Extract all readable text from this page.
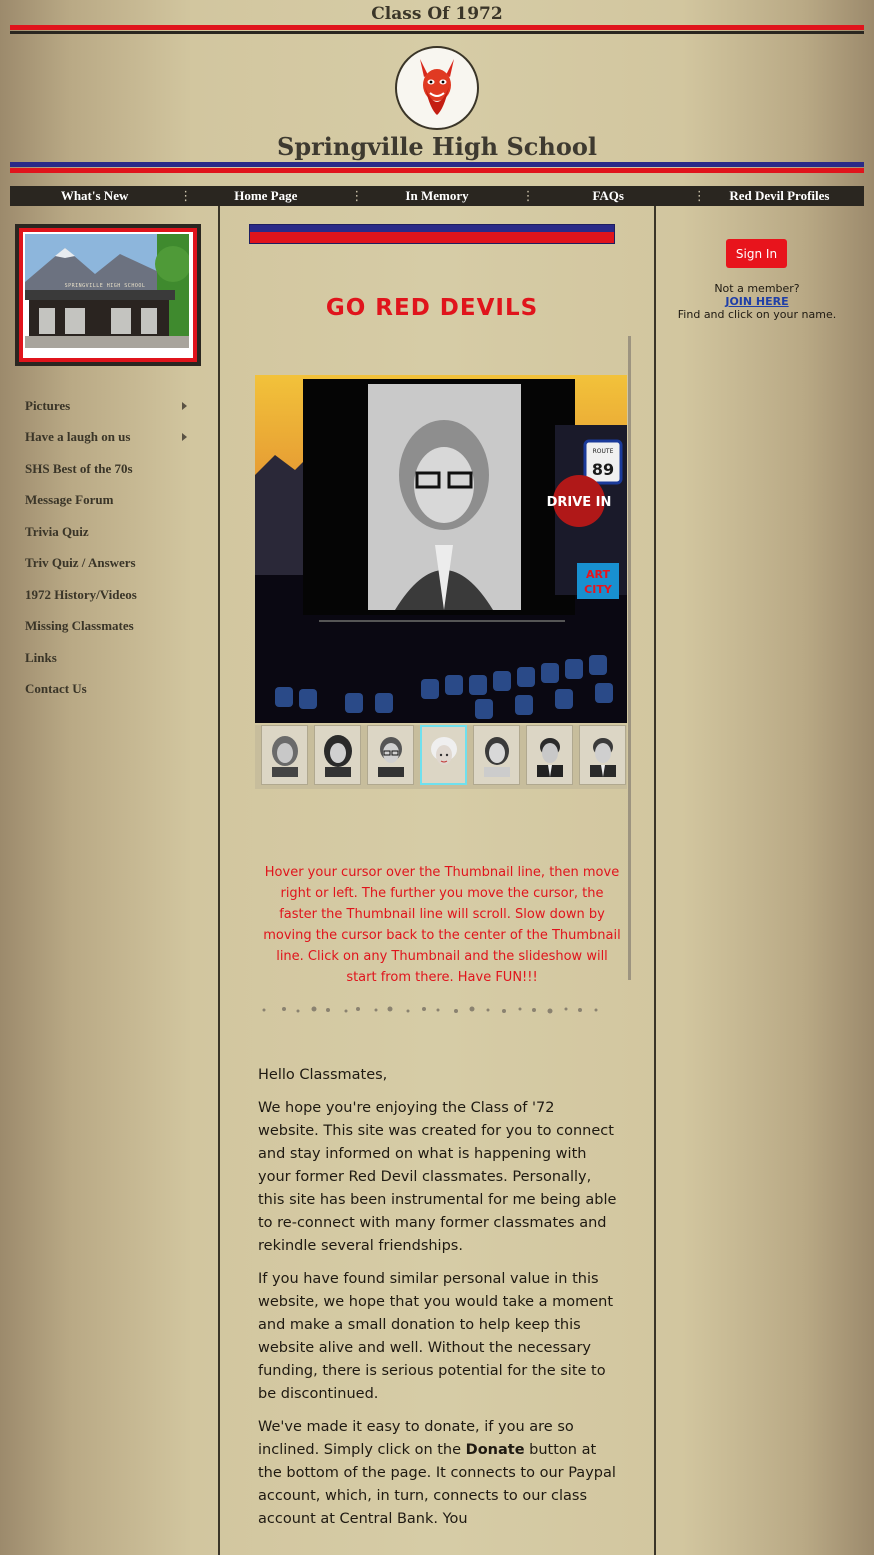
Class Of 1972
Springville High School
What's New	⋮	Home Page	⋮	In Memory	⋮	FAQs	⋮	Red Devil Profiles
SPRINGVILLE HIGH SCHOOL
Pictures
Have a laugh on us
SHS Best of the 70s
Message Forum
Trivia Quiz
Triv Quiz / Answers
1972 History/Videos
Missing Classmates
Links
Contact Us
GO RED DEVILS
ROUTE
89
DRIVE IN
ART
CITY
Hover your cursor over the Thumbnail line, then move right or left. The further you move the cursor, the faster the Thumbnail line will scroll. Slow down by moving the cursor back to the center of the Thumbnail line. Click on any Thumbnail and the slideshow will start from there. Have FUN!!!

Hello Classmates,

We hope you're enjoying the Class of '72 website. This site was created for you to connect and stay informed on what is happening with your former Red Devil classmates. Personally, this site has been instrumental for me being able to re-connect with many former classmates and rekindle several friendships.

If you have found similar personal value in this website, we hope that you would take a moment and make a small donation to help keep this website alive and well. Without the necessary funding, there is serious potential for the site to be discontinued.

We've made it easy to donate, if you are so inclined. Simply click on the Donate button at the bottom of the page. It connects to our Paypal account, which, in turn, connects to our class account at Central Bank. You

Sign In
Not a member?
JOIN HERE
Find and click on your name.
